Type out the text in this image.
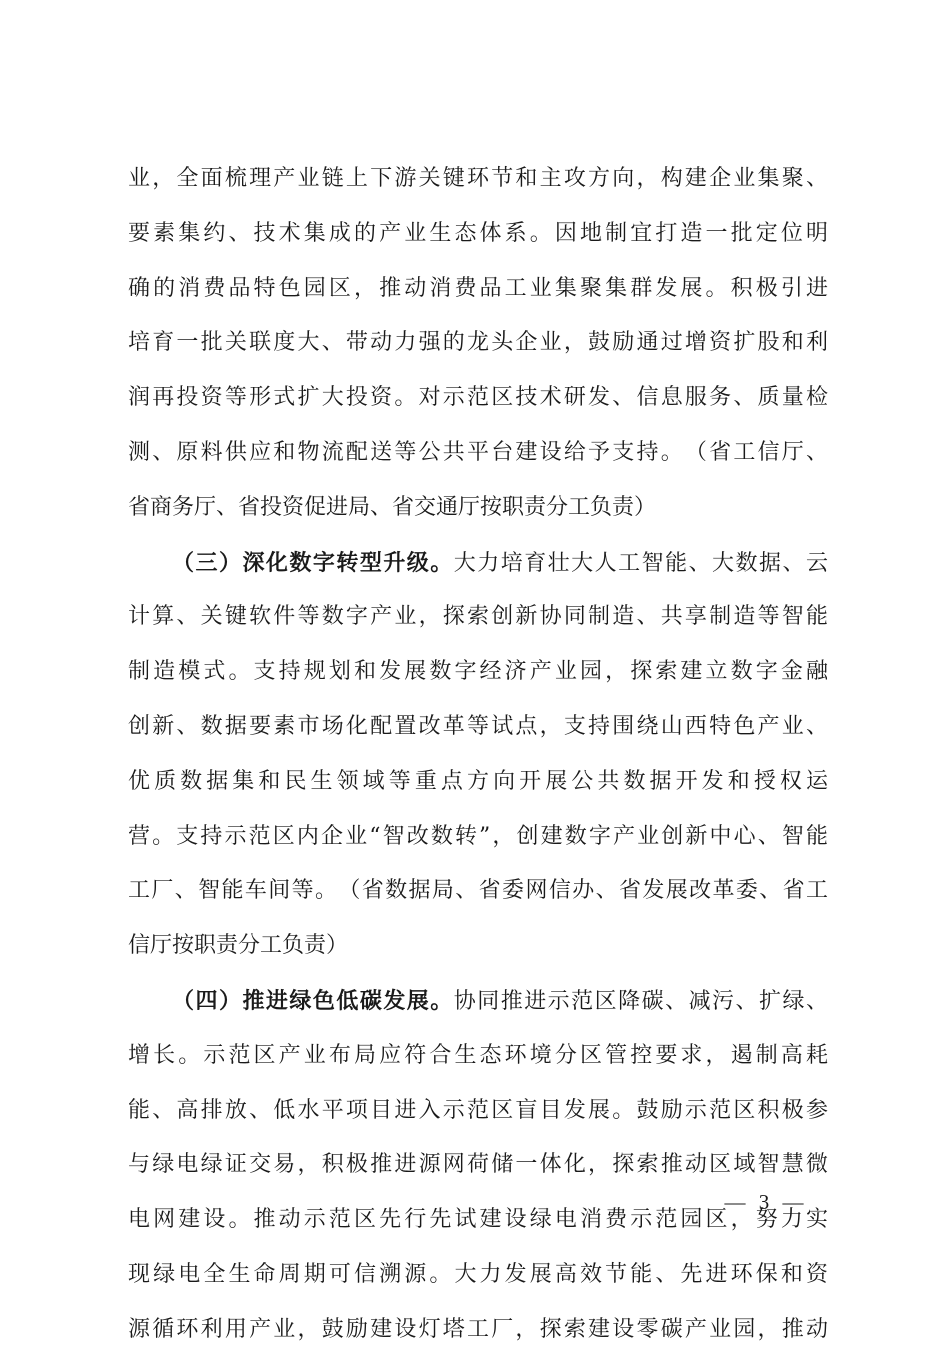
业​，​全​面​梳​理​产​业​链​上​下​游​关​键​环​节​和​主​攻​方​向​，​构​建​企​业​集​聚​、
要​素​集​约​、​技​术​集​成​的​产​业​生​态​体​系​。​因​地​制​宜​打​造​一​批​定​位​明
确​的​消​费​品​特​色​园​区​，​推​动​消​费​品​工​业​集​聚​集​群​发​展​。​积​极​引​进
培​育​一​批​关​联​度​大​、​带​动​力​强​的​龙​头​企​业​，​鼓​励​通​过​增​资​扩​股​和​利
润​再​投​资​等​形​式​扩​大​投​资​。​对​示​范​区​技​术​研​发​、​信​息​服​务​、​质​量​检
测​、​原​料​供​应​和​物​流​配​送​等​公​共​平​台​建​设​给​予​支​持​。​（​省​工​信​厅​、
省商务厅、省投资促进局、省交通厅按职责分工负责）
（​三​）​深​化​数​字​转​型​升​级​。大​力​培​育​壮​大​人​工​智​能​、​大​数​据​、​云
计​算​、​关​键​软​件​等​数​字​产​业​，​探​索​创​新​协​同​制​造​、​共​享​制​造​等​智​能
制​造​模​式​。​支​持​规​划​和​发​展​数​字​经​济​产​业​园​，​探​索​建​立​数​字​金​融
创​新​、​数​据​要​素​市​场​化​配​置​改​革​等​试​点​，​支​持​围​绕​山​西​特​色​产​业​、
优​质​数​据​集​和​民​生​领​域​等​重​点​方​向​开​展​公​共​数​据​开​发​和​授​权​运
营​。​支​持​示​范​区​内​企​业​“​智​改​数​转​”​，​创​建​数​字​产​业​创​新​中​心​、​智​能
工​厂​、​智​能​车​间​等​。​（​省​数​据​局​、​省​委​网​信​办​、​省​发​展​改​革​委​、​省​工
信厅按职责分工负责）
（​四​）​推​进​绿​色​低​碳​发​展​。协​同​推​进​示​范​区​降​碳​、​减​污​、​扩​绿​、
增​长​。​示​范​区​产​业​布​局​应​符​合​生​态​环​境​分​区​管​控​要​求​，​遏​制​高​耗
能​、​高​排​放​、​低​水​平​项​目​进​入​示​范​区​盲​目​发​展​。​鼓​励​示​范​区​积​极​参
与​绿​电​绿​证​交​易​，​积​极​推​进​源​网​荷​储​一​体​化​，​探​索​推​动​区​域​智​慧​微
电​网​建​设​。​推​动​示​范​区​先​行​先​试​建​设​绿​电​消​费​示​范​园​区​，​努​力​实
现​绿​电​全​生​命​周​期​可​信​溯​源​。​大​力​发​展​高​效​节​能​、​先​进​环​保​和​资
源​循​环​利​用​产​业​，​鼓​励​建​设​灯​塔​工​厂​，​探​索​建​设​零​碳​产​业​园​，​推​动
— 3 —
